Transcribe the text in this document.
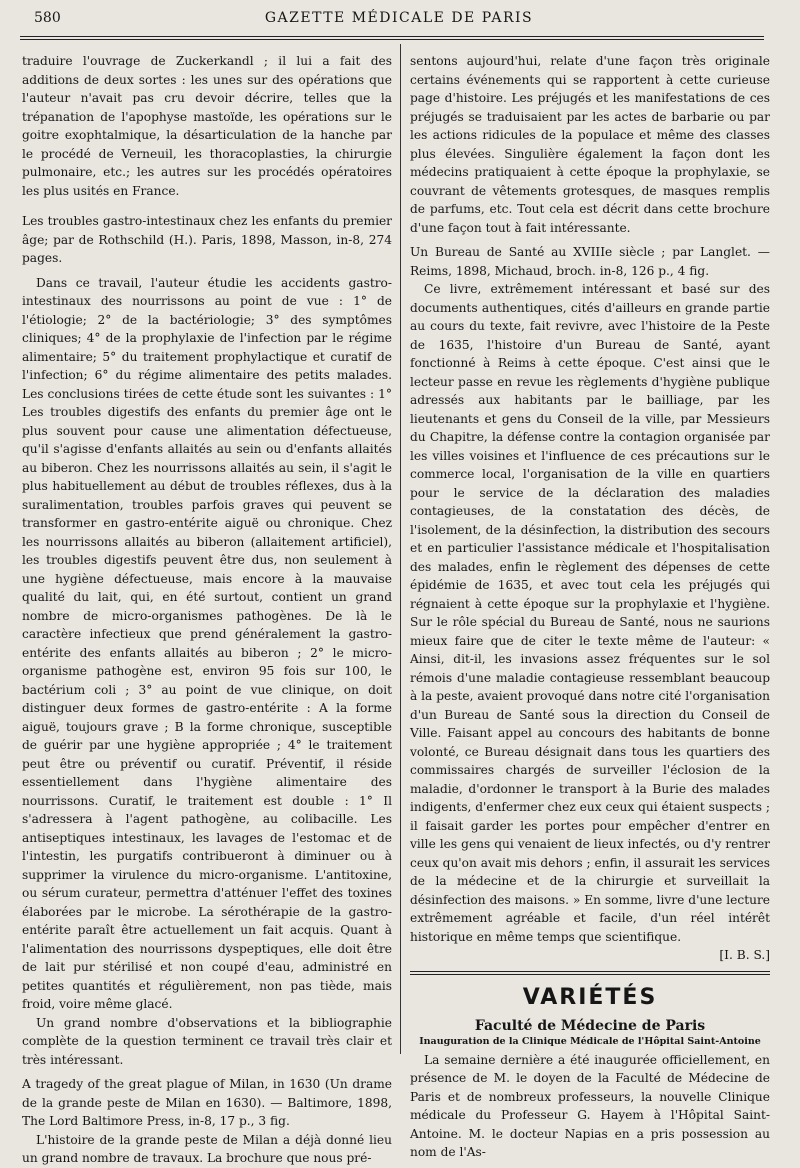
580	GAZETTE MÉDICALE DE PARIS

traduire l'ouvrage de Zuckerkandl ; il lui a fait des additions de deux sortes : les unes sur des opérations que l'auteur n'avait pas cru devoir décrire, telles que la trépanation de l'apophyse mastoïde, les opérations sur le goitre exophtalmique, la désarticulation de la hanche par le procédé de Verneuil, les thoracoplasties, la chirurgie pulmonaire, etc.; les autres sur les procédés opératoires les plus usités en France.

Les troubles gastro-intestinaux chez les enfants du premier âge; par de Rothschild (H.). Paris, 1898, Masson, in-8, 274 pages.

Dans ce travail, l'auteur étudie les accidents gastro-intestinaux des nourrissons au point de vue : 1° de l'étiologie; 2° de la bactériologie; 3° des symptômes cliniques; 4° de la prophylaxie de l'infection par le régime alimentaire; 5° du traitement prophylactique et curatif de l'infection; 6° du régime alimentaire des petits malades. Les conclusions tirées de cette étude sont les suivantes : 1° Les troubles digestifs des enfants du premier âge ont le plus souvent pour cause une alimentation défectueuse, qu'il s'agisse d'enfants allaités au sein ou d'enfants allaités au biberon. Chez les nourrissons allaités au sein, il s'agit le plus habituellement au début de troubles réflexes, dus à la suralimentation, troubles parfois graves qui peuvent se transformer en gastro-entérite aiguë ou chronique. Chez les nourrissons allaités au biberon (allaitement artificiel), les troubles digestifs peuvent être dus, non seulement à une hygiène défectueuse, mais encore à la mauvaise qualité du lait, qui, en été surtout, contient un grand nombre de micro-organismes pathogènes. De là le caractère infectieux que prend généralement la gastro-entérite des enfants allaités au biberon ; 2° le micro-organisme pathogène est, environ 95 fois sur 100, le bactérium coli ; 3° au point de vue clinique, on doit distinguer deux formes de gastro-entérite : A la forme aiguë, toujours grave ; B la forme chronique, susceptible de guérir par une hygiène appropriée ; 4° le traitement peut être ou préventif ou curatif. Préventif, il réside essentiellement dans l'hygiène alimentaire des nourrissons. Curatif, le traitement est double : 1° Il s'adressera à l'agent pathogène, au colibacille. Les antiseptiques intestinaux, les lavages de l'estomac et de l'intestin, les purgatifs contribueront à diminuer ou à supprimer la virulence du micro-organisme. L'antitoxine, ou sérum curateur, permettra d'atténuer l'effet des toxines élaborées par le microbe. La sérothérapie de la gastro-entérite paraît être actuellement un fait acquis. Quant à l'alimentation des nourrissons dyspeptiques, elle doit être de lait pur stérilisé et non coupé d'eau, administré en petites quantités et régulièrement, non pas tiède, mais froid, voire même glacé.

Un grand nombre d'observations et la bibliographie complète de la question terminent ce travail très clair et très intéressant.

A tragedy of the great plague of Milan, in 1630 (Un drame de la grande peste de Milan en 1630). — Baltimore, 1898, The Lord Baltimore Press, in-8, 17 p., 3 fig.

L'histoire de la grande peste de Milan a déjà donné lieu un grand nombre de travaux. La brochure que nous pré-

sentons aujourd'hui, relate d'une façon très originale certains événements qui se rapportent à cette curieuse page d'histoire. Les préjugés et les manifestations de ces préjugés se traduisaient par les actes de barbarie ou par les actions ridicules de la populace et même des classes plus élevées. Singulière également la façon dont les médecins pratiquaient à cette époque la prophylaxie, se couvrant de vêtements grotesques, de masques remplis de parfums, etc. Tout cela est décrit dans cette brochure d'une façon tout à fait intéressante.

Un Bureau de Santé au XVIIIe siècle ; par Langlet. — Reims, 1898, Michaud, broch. in-8, 126 p., 4 fig.

Ce livre, extrêmement intéressant et basé sur des documents authentiques, cités d'ailleurs en grande partie au cours du texte, fait revivre, avec l'histoire de la Peste de 1635, l'histoire d'un Bureau de Santé, ayant fonctionné à Reims à cette époque. C'est ainsi que le lecteur passe en revue les règlements d'hygiène publique adressés aux habitants par le bailliage, par les lieutenants et gens du Conseil de la ville, par Messieurs du Chapitre, la défense contre la contagion organisée par les villes voisines et l'influence de ces précautions sur le commerce local, l'organisation de la ville en quartiers pour le service de la déclaration des maladies contagieuses, de la constatation des décès, de l'isolement, de la désinfection, la distribution des secours et en particulier l'assistance médicale et l'hospitalisation des malades, enfin le règlement des dépenses de cette épidémie de 1635, et avec tout cela les préjugés qui régnaient à cette époque sur la prophylaxie et l'hygiène. Sur le rôle spécial du Bureau de Santé, nous ne saurions mieux faire que de citer le texte même de l'auteur: « Ainsi, dit-il, les invasions assez fréquentes sur le sol rémois d'une maladie contagieuse ressemblant beaucoup à la peste, avaient provoqué dans notre cité l'organisation d'un Bureau de Santé sous la direction du Conseil de Ville. Faisant appel au concours des habitants de bonne volonté, ce Bureau désignait dans tous les quartiers des commissaires chargés de surveiller l'éclosion de la maladie, d'ordonner le transport à la Burie des malades indigents, d'enfermer chez eux ceux qui étaient suspects ; il faisait garder les portes pour empêcher d'entrer en ville les gens qui venaient de lieux infectés, ou d'y rentrer ceux qu'on avait mis dehors ; enfin, il assurait les services de la médecine et de la chirurgie et surveillait la désinfection des maisons. » En somme, livre d'une lecture extrêmement agréable et facile, d'un réel intérêt historique en même temps que scientifique.

[I. B. S.]

VARIÉTÉS
Faculté de Médecine de Paris
Inauguration de la Clinique Médicale de l'Hôpital Saint-Antoine

La semaine dernière a été inaugurée officiellement, en présence de M. le doyen de la Faculté de Médecine de Paris et de nombreux professeurs, la nouvelle Clinique médicale du Professeur G. Hayem à l'Hôpital Saint-Antoine. M. le docteur Napias en a pris possession au nom de l'As-
